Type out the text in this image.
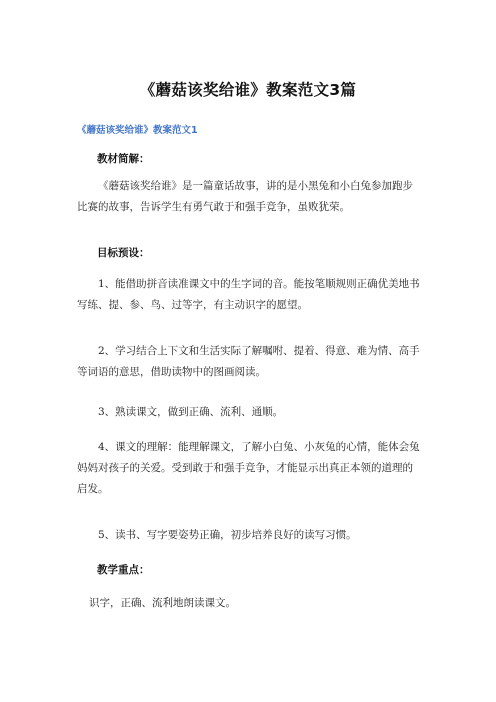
《蘑菇该奖给谁》教案范文3篇
《蘑菇该奖给谁》教案范文1
教材简解：
《蘑菇该奖给谁》是一篇童话故事，讲的是小黑兔和小白兔参加跑步比赛的故事，告诉学生有勇气敢于和强手竞争，虽败犹荣。
目标预设：
1、能借助拼音读准课文中的生字词的音。能按笔顺规则正确优美地书写练、提、参、鸟、过等字，有主动识字的愿望。
2、学习结合上下文和生活实际了解嘱咐、提着、得意、难为情、高手等词语的意思，借助读物中的图画阅读。
3、熟读课文，做到正确、流利、通顺。
4、课文的理解：能理解课文，了解小白兔、小灰兔的心情，能体会兔妈妈对孩子的关爱。受到敢于和强手竞争，才能显示出真正本领的道理的启发。
5、读书、写字要姿势正确，初步培养良好的读写习惯。
教学重点：
识字，正确、流利地朗读课文。
